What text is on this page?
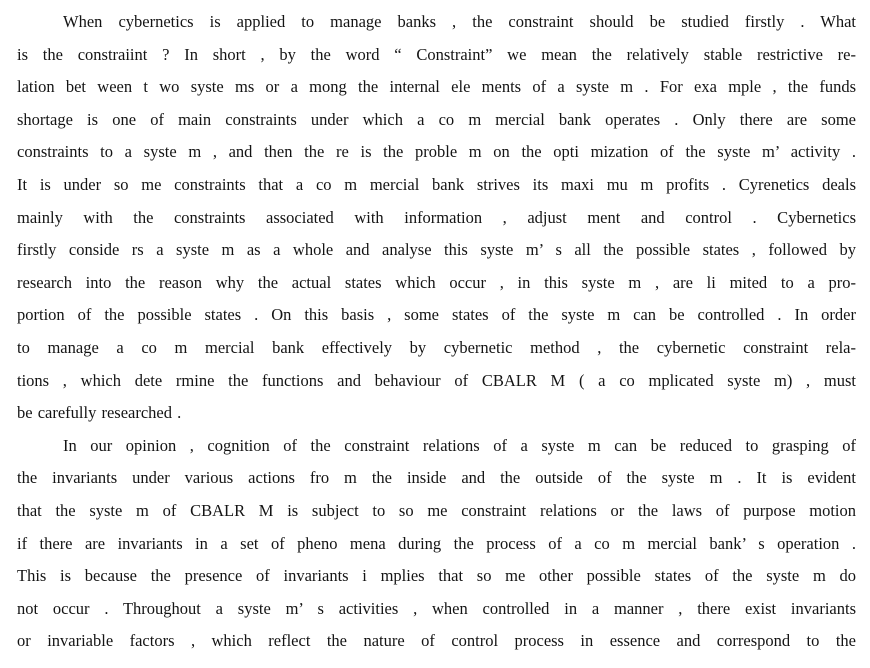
When cybernetics is applied to manage banks , the constraint should be studied firstly . What
is the constraiint ? In short , by the word “ Constraint” we mean the relatively stable restrictive re-
lation bet ween t wo syste ms or a mong the internal ele ments of a syste m . For exa mple , the funds
shortage is one of main constraints under which a co m mercial bank operates . Only there are some
constraints to a syste m , and then the re is the proble m on the opti mization of the syste m’ activity .
It is under so me constraints that a co m mercial bank strives its maxi mu m profits . Cyrenetics deals
mainly with the constraints associated with information , adjust ment and control . Cybernetics
firstly conside rs a syste m as a whole and analyse this syste m’ s all the possible states , followed by
research into the reason why the actual states which occur , in this syste m , are li mited to a pro-
portion of the possible states . On this basis , some states of the syste m can be controlled . In order
to manage a co m mercial bank effectively by cybernetic method , the cybernetic constraint rela-
tions , which dete rmine the functions and behaviour of CBALR M ( a co mplicated syste m) , must
be carefully researched .
In our opinion , cognition of the constraint relations of a syste m can be reduced to grasping of
the invariants under various actions fro m the inside and the outside of the syste m . It is evident
that the syste m of CBALR M is subject to so me constraint relations or the laws of purpose motion
if there are invariants in a set of pheno mena during the process of a co m mercial bank’ s operation .
This is because the presence of invariants i mplies that so me other possible states of the syste m do
not occur . Throughout a syste m’ s activities , when controlled in a manner , there exist invariants
or invariable factors , which reflect the nature of control process in essence and correspond to the
